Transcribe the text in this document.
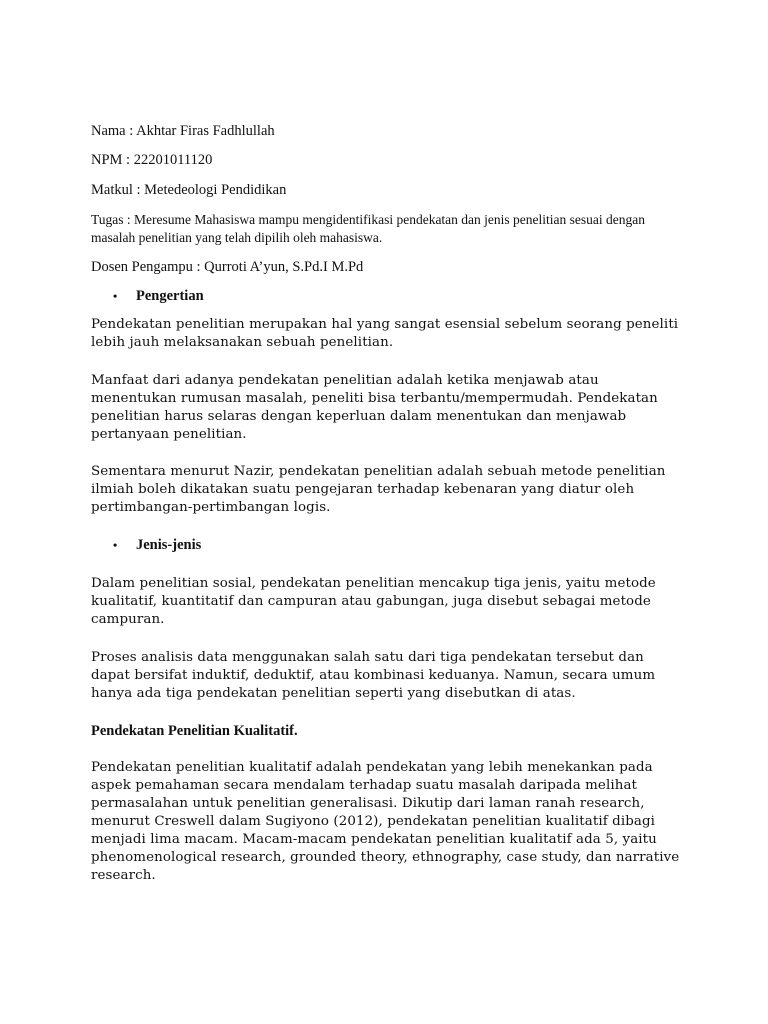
Nama : Akhtar Firas Fadhlullah

NPM : 22201011120

Matkul : Metedeologi Pendidikan

Tugas : Meresume Mahasiswa mampu mengidentifikasi pendekatan dan jenis penelitian sesuai dengan masalah penelitian yang telah dipilih oleh mahasiswa.

Dosen Pengampu : Qurroti A’yun, S.Pd.I M.Pd

•	Pengertian

Pendekatan penelitian merupakan hal yang sangat esensial sebelum seorang peneliti lebih jauh melaksanakan sebuah penelitian.

Manfaat dari adanya pendekatan penelitian adalah ketika menjawab atau menentukan rumusan masalah, peneliti bisa terbantu/mempermudah. Pendekatan penelitian harus selaras dengan keperluan dalam menentukan dan menjawab pertanyaan penelitian.

Sementara menurut Nazir, pendekatan penelitian adalah sebuah metode penelitian ilmiah boleh dikatakan suatu pengejaran terhadap kebenaran yang diatur oleh pertimbangan-pertimbangan logis.

•	Jenis-jenis

Dalam penelitian sosial, pendekatan penelitian mencakup tiga jenis, yaitu metode kualitatif, kuantitatif dan campuran atau gabungan, juga disebut sebagai metode campuran.

Proses analisis data menggunakan salah satu dari tiga pendekatan tersebut dan dapat bersifat induktif, deduktif, atau kombinasi keduanya. Namun, secara umum hanya ada tiga pendekatan penelitian seperti yang disebutkan di atas.

Pendekatan Penelitian Kualitatif.

Pendekatan penelitian kualitatif adalah pendekatan yang lebih menekankan pada aspek pemahaman secara mendalam terhadap suatu masalah daripada melihat permasalahan untuk penelitian generalisasi. Dikutip dari laman ranah research, menurut Creswell dalam Sugiyono (2012), pendekatan penelitian kualitatif dibagi menjadi lima macam. Macam-macam pendekatan penelitian kualitatif ada 5, yaitu phenomenological research, grounded theory, ethnography, case study, dan narrative research.
